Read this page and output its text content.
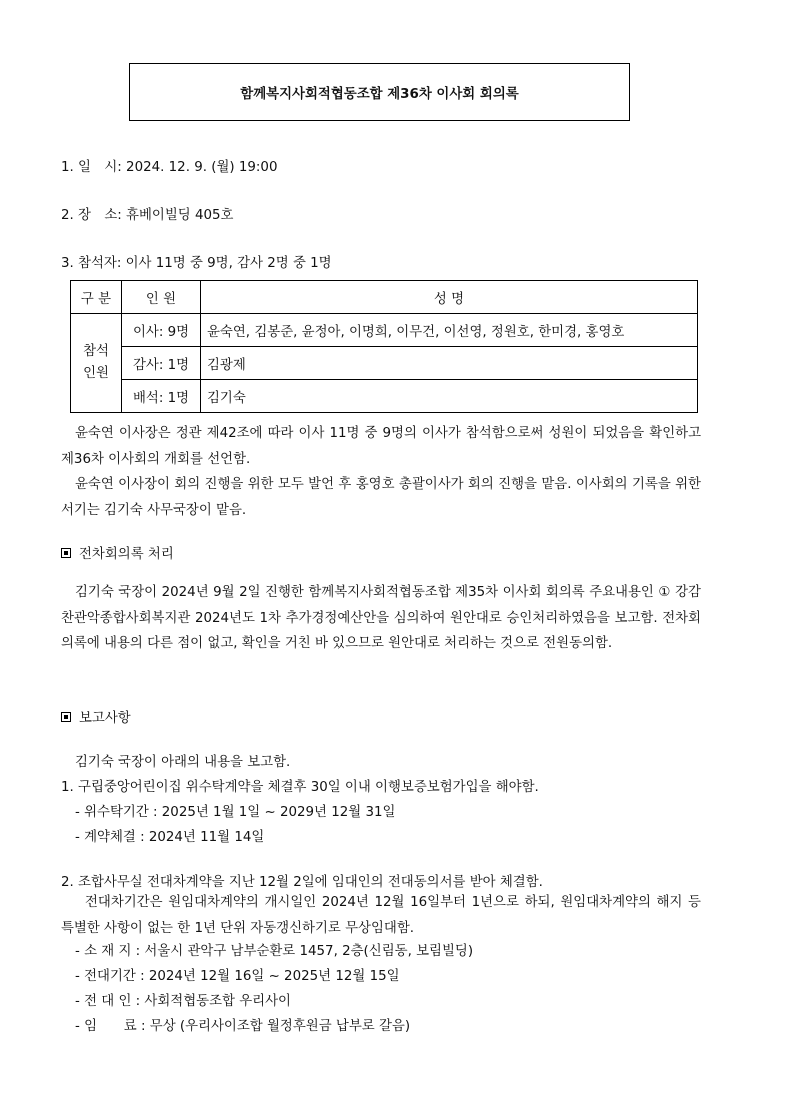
함께복지사회적협동조합 제36차 이사회 회의록
1. 일　시: 2024. 12. 9. (월) 19:00
2. 장　소: 휴베이빌딩 405호
3. 참석자: 이사 11명 중 9명, 감사 2명 중 1명
구 분	인 원	성 명
참석
인원	이사: 9명	윤숙연, 김봉준, 윤정아, 이명희, 이무건, 이선영, 정원호, 한미경, 홍영호
	감사: 1명	김광제
	배석: 1명	김기숙

윤숙연 이사장은 정관 제42조에 따라 이사 11명 중 9명의 이사가 참석함으로써 성원이 되었음을 확인하고 제36차 이사회의 개회를 선언함.

윤숙연 이사장이 회의 진행을 위한 모두 발언 후 홍영호 총괄이사가 회의 진행을 맡음. 이사회의 기록을 위한 서기는 김기숙 사무국장이 맡음.

전차회의록 처리

김기숙 국장이 2024년 9월 2일 진행한 함께복지사회적협동조합 제35차 이사회 회의록 주요내용인 ① 강감찬관악종합사회복지관 2024년도 1차 추가경정예산안을 심의하여 원안대로 승인처리하였음을 보고함. 전차회의록에 내용의 다른 점이 없고, 확인을 거친 바 있으므로 원안대로 처리하는 것으로 전원동의함.

보고사항
김기숙 국장이 아래의 내용을 보고함.
1. 구립중앙어린이집 위수탁계약을 체결후 30일 이내 이행보증보험가입을 해야함.
- 위수탁기간 : 2025년 1월 1일 ~ 2029년 12월 31일
- 계약체결 : 2024년 11월 14일
2. 조합사무실 전대차계약을 지난 12월 2일에 임대인의 전대동의서를 받아 체결함.

전대차기간은 원임대차계약의 개시일인 2024년 12월 16일부터 1년으로 하되, 원임대차계약의 해지 등 특별한 사항이 없는 한 1년 단위 자동갱신하기로 무상임대함.

- 소 재 지 : 서울시 관악구 남부순환로 1457, 2층(신림동, 보림빌딩)
- 전대기간 : 2024년 12월 16일 ~ 2025년 12월 15일
- 전 대 인 : 사회적협동조합 우리사이
- 임　　료 : 무상 (우리사이조합 월정후원금 납부로 갈음)
